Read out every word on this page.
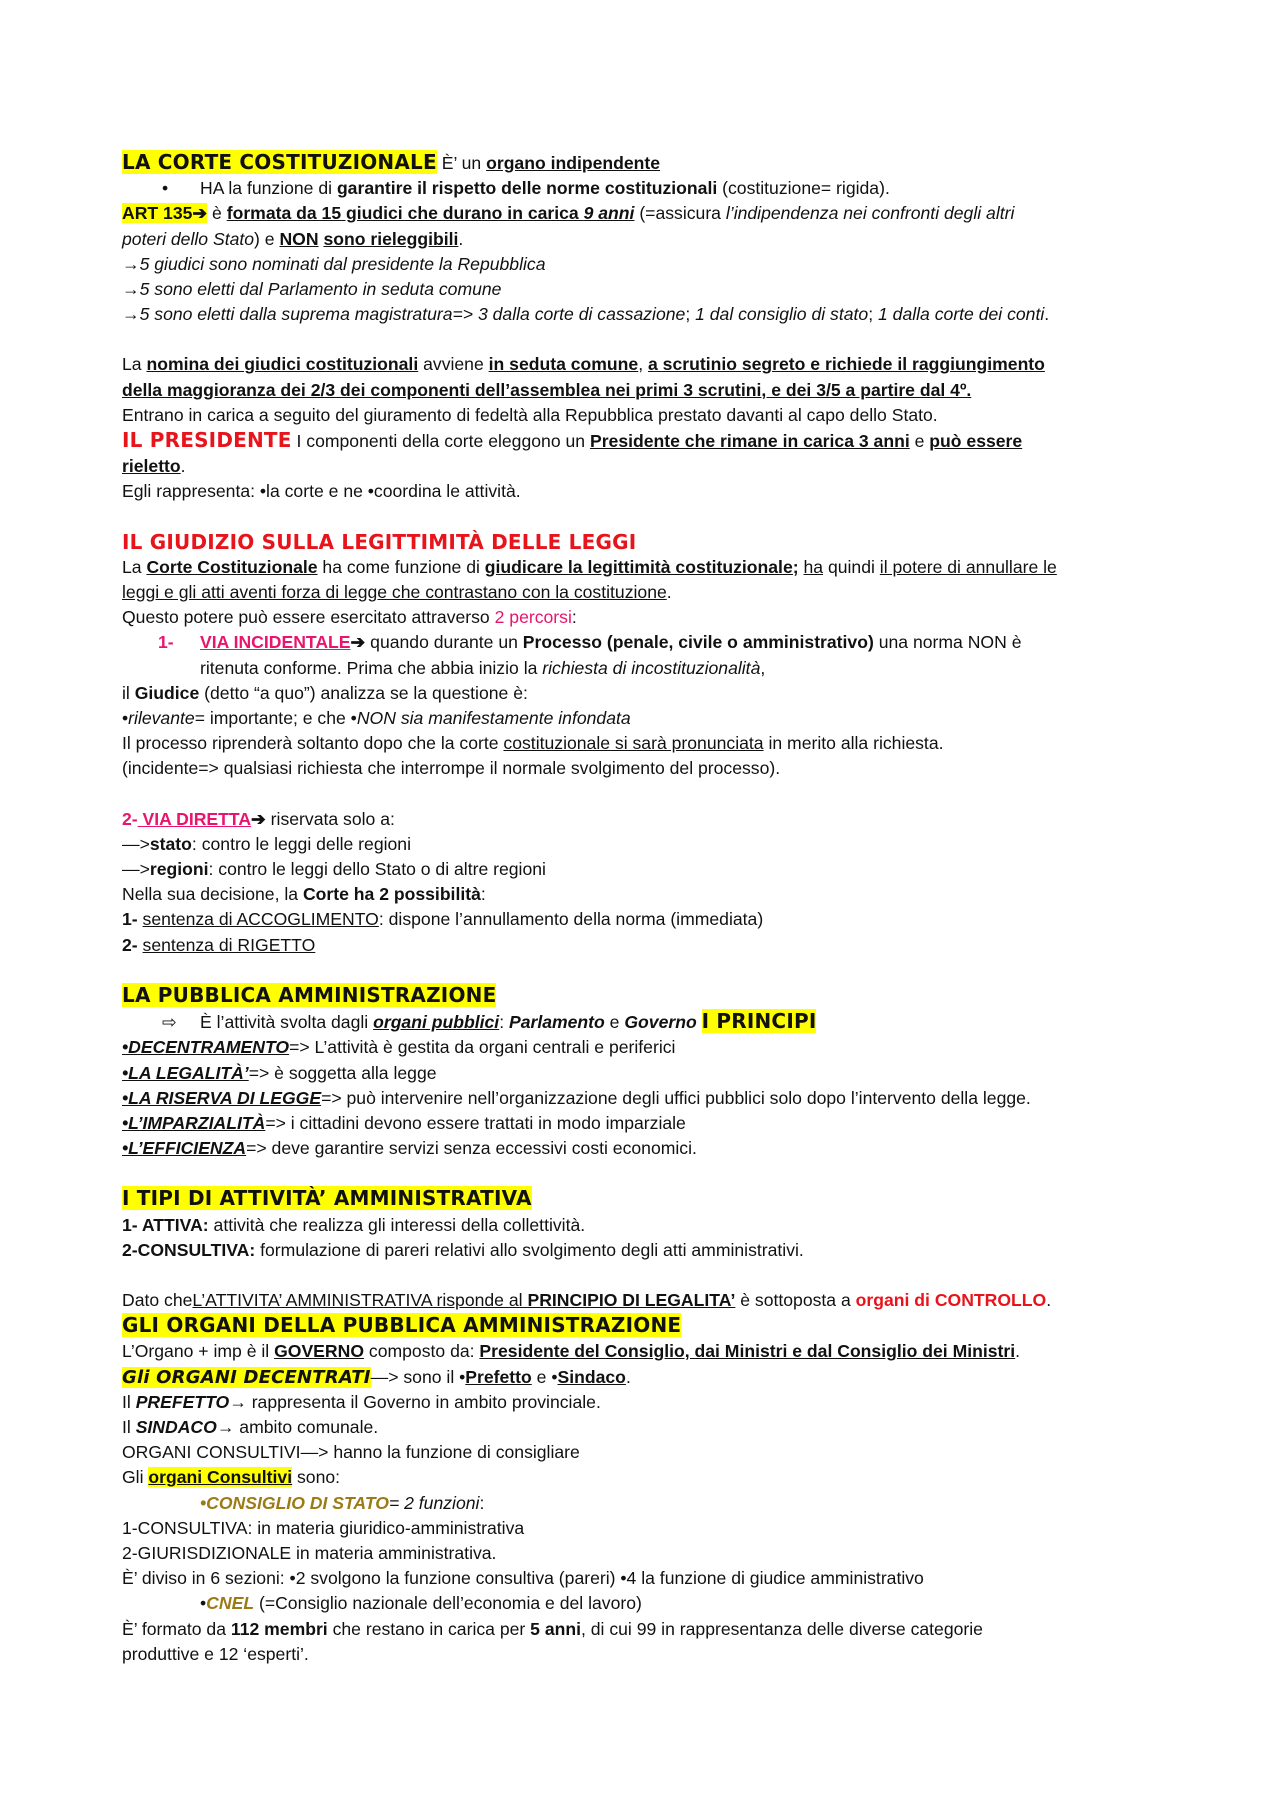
LA CORTE COSTITUZIONALE È’ un organo indipendente
• HA la funzione di garantire il rispetto delle norme costituzionali (costituzione= rigida).
ART 135➔ è formata da 15 giudici che durano in carica 9 anni (=assicura l’indipendenza nei confronti degli altri
poteri dello Stato) e NON sono rieleggibili.
→5 giudici sono nominati dal presidente la Repubblica
→5 sono eletti dal Parlamento in seduta comune
→5 sono eletti dalla suprema magistratura=> 3 dalla corte di cassazione; 1 dal consiglio di stato; 1 dalla corte dei conti.
La nomina dei giudici costituzionali avviene in seduta comune, a scrutinio segreto e richiede il raggiungimento
della maggioranza dei 2/3 dei componenti dell’assemblea nei primi 3 scrutini, e dei 3/5 a partire dal 4º.
Entrano in carica a seguito del giuramento di fedeltà alla Repubblica prestato davanti al capo dello Stato.
IL PRESIDENTE I componenti della corte eleggono un Presidente che rimane in carica 3 anni e può essere
rieletto.
Egli rappresenta: •la corte e ne •coordina le attività.
IL GIUDIZIO SULLA LEGITTIMITÀ DELLE LEGGI
La Corte Costituzionale ha come funzione di giudicare la legittimità costituzionale; ha quindi il potere di annullare le
leggi e gli atti aventi forza di legge che contrastano con la costituzione.
Questo potere può essere esercitato attraverso 2 percorsi:
1- VIA INCIDENTALE➔ quando durante un Processo (penale, civile o amministrativo) una norma NON è
ritenuta conforme. Prima che abbia inizio la richiesta di incostituzionalità,
il Giudice (detto “a quo”) analizza se la questione è:
•rilevante= importante; e che •NON sia manifestamente infondata
Il processo riprenderà soltanto dopo che la corte costituzionale si sarà pronunciata in merito alla richiesta.
(incidente=> qualsiasi richiesta che interrompe il normale svolgimento del processo).
2- VIA DIRETTA➔ riservata solo a:
—>stato: contro le leggi delle regioni
—>regioni: contro le leggi dello Stato o di altre regioni
Nella sua decisione, la Corte ha 2 possibilità:
1- sentenza di ACCOGLIMENTO: dispone l’annullamento della norma (immediata)
2- sentenza di RIGETTO
LA PUBBLICA AMMINISTRAZIONE
⇨ È l’attività svolta dagli organi pubblici: Parlamento e Governo I PRINCIPI
•DECENTRAMENTO=> L’attività è gestita da organi centrali e periferici
•LA LEGALITÀ’=> è soggetta alla legge
•LA RISERVA DI LEGGE=> può intervenire nell’organizzazione degli uffici pubblici solo dopo l’intervento della legge.
•L’IMPARZIALITÀ=> i cittadini devono essere trattati in modo imparziale
•L’EFFICIENZA=> deve garantire servizi senza eccessivi costi economici.
I TIPI DI ATTIVITÀ’ AMMINISTRATIVA
1- ATTIVA: attività che realizza gli interessi della collettività.
2-CONSULTIVA: formulazione di pareri relativi allo svolgimento degli atti amministrativi.
Dato cheL’ATTIVITA’ AMMINISTRATIVA risponde al PRINCIPIO DI LEGALITA’ è sottoposta a organi di CONTROLLO.
GLI ORGANI DELLA PUBBLICA AMMINISTRAZIONE
L’Organo + imp è il GOVERNO composto da: Presidente del Consiglio, dai Ministri e dal Consiglio dei Ministri.
Gli ORGANI DECENTRATI—> sono il •Prefetto e •Sindaco.
Il PREFETTO→ rappresenta il Governo in ambito provinciale.
Il SINDACO→ ambito comunale.
ORGANI CONSULTIVI—> hanno la funzione di consigliare
Gli organi Consultivi sono:
•CONSIGLIO DI STATO= 2 funzioni:
1-CONSULTIVA: in materia giuridico-amministrativa
2-GIURISDIZIONALE in materia amministrativa.
È’ diviso in 6 sezioni: •2 svolgono la funzione consultiva (pareri) •4 la funzione di giudice amministrativo
•CNEL (=Consiglio nazionale dell’economia e del lavoro)
È’ formato da 112 membri che restano in carica per 5 anni, di cui 99 in rappresentanza delle diverse categorie
produttive e 12 ‘esperti’.
